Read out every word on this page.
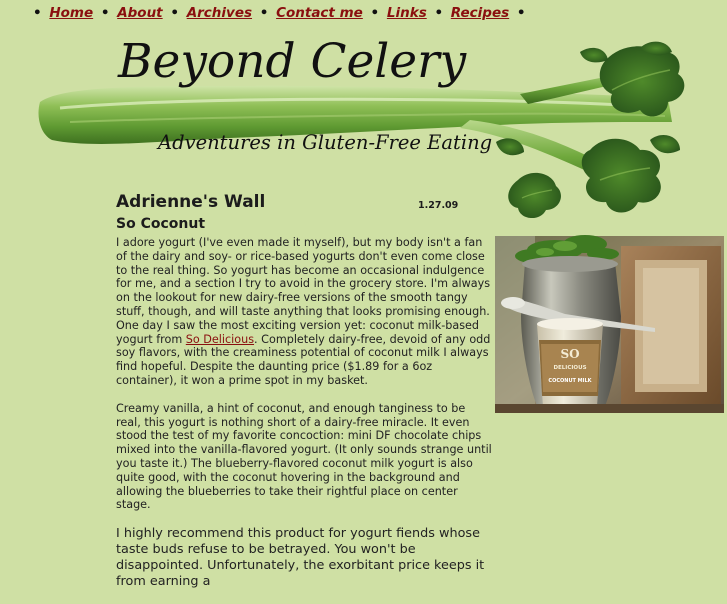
• Home • About • Archives • Contact me • Links • Recipes •
Beyond Celery
Adventures in Gluten-Free Eating
Adrienne's Wall	1.27.09
So Coconut

I adore yogurt (I've even made it myself), but my body isn't a fan of the dairy and soy- or rice-based yogurts don't even come close to the real thing. So yogurt has become an occasional indulgence for me, and a section I try to avoid in the grocery store. I'm always on the lookout for new dairy-free versions of the smooth tangy stuff, though, and will taste anything that looks promising enough. One day I saw the most exciting version yet: coconut milk-based yogurt from So Delicious. Completely dairy-free, devoid of any odd soy flavors, with the creaminess potential of coconut milk I always find hopeful. Despite the daunting price ($1.89 for a 6oz container), it won a prime spot in my basket.

Creamy vanilla, a hint of coconut, and enough tanginess to be real, this yogurt is nothing short of a dairy-free miracle. It even stood the test of my favorite concoction: mini DF chocolate chips mixed into the vanilla-flavored yogurt. (It only sounds strange until you taste it.) The blueberry-flavored coconut milk yogurt is also quite good, with the coconut hovering in the background and allowing the blueberries to take their rightful place on center stage.

I highly recommend this product for yogurt fiends whose taste buds refuse to be betrayed. You won't be disappointed. Unfortunately, the exorbitant price keeps it from earning a

SO
DELICIOUS
COCONUT MILK
